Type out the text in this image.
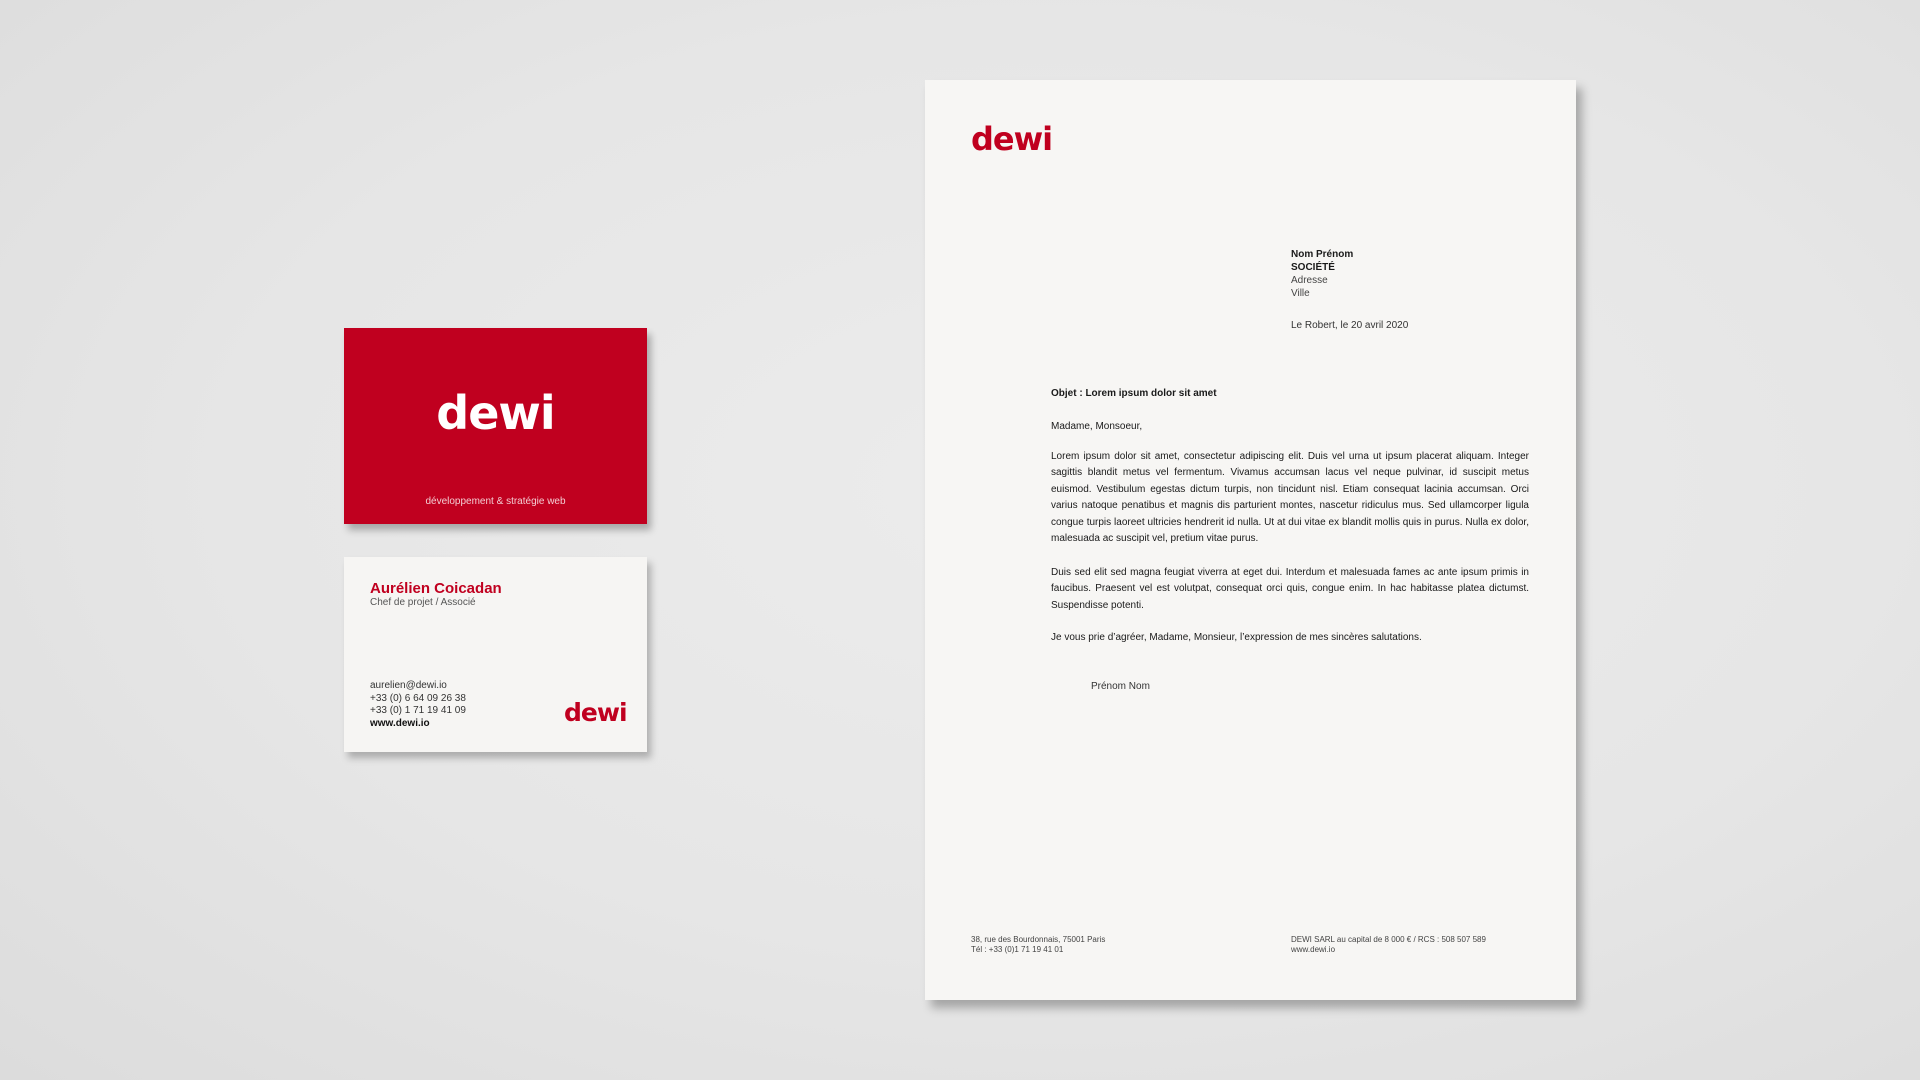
dewi
développement & stratégie web
Aurélien Coicadan
Chef de projet / Associé
aurelien@dewi.io
+33 (0) 6 64 09 26 38
+33 (0) 1 71 19 41 09
www.dewi.io	dewi
dewi
Nom Prénom
SOCIÉTÉ
Adresse
Ville
Le Robert, le 20 avril 2020
Objet : Lorem ipsum dolor sit amet
Madame, Monsoeur,

Lorem ipsum dolor sit amet, consectetur adipiscing elit. Duis vel urna ut ipsum placerat aliquam. Integer sagittis blandit metus vel fermentum. Vivamus accumsan lacus vel neque pulvinar, id suscipit metus euismod. Vestibulum egestas dictum turpis, non tincidunt nisl. Etiam consequat lacinia accumsan. Orci varius natoque penatibus et magnis dis parturient montes, nascetur ridiculus mus. Sed ullamcorper ligula congue turpis laoreet ultricies hendrerit id nulla. Ut at dui vitae ex blandit mollis quis in purus. Nulla ex dolor, malesuada ac suscipit vel, pretium vitae purus.

Duis sed elit sed magna feugiat viverra at eget dui. Interdum et malesuada fames ac ante ipsum primis in faucibus. Praesent vel est volutpat, consequat orci quis, congue enim. In hac habitasse platea dictumst. Suspendisse potenti.

Je vous prie d’agréer, Madame, Monsieur, l’expression de mes sincères salutations.
Prénom Nom
38, rue des Bourdonnais, 75001 Paris
Tél : +33 (0)1 71 19 41 01
DEWI SARL au capital de 8 000 € / RCS : 508 507 589
www.dewi.io
